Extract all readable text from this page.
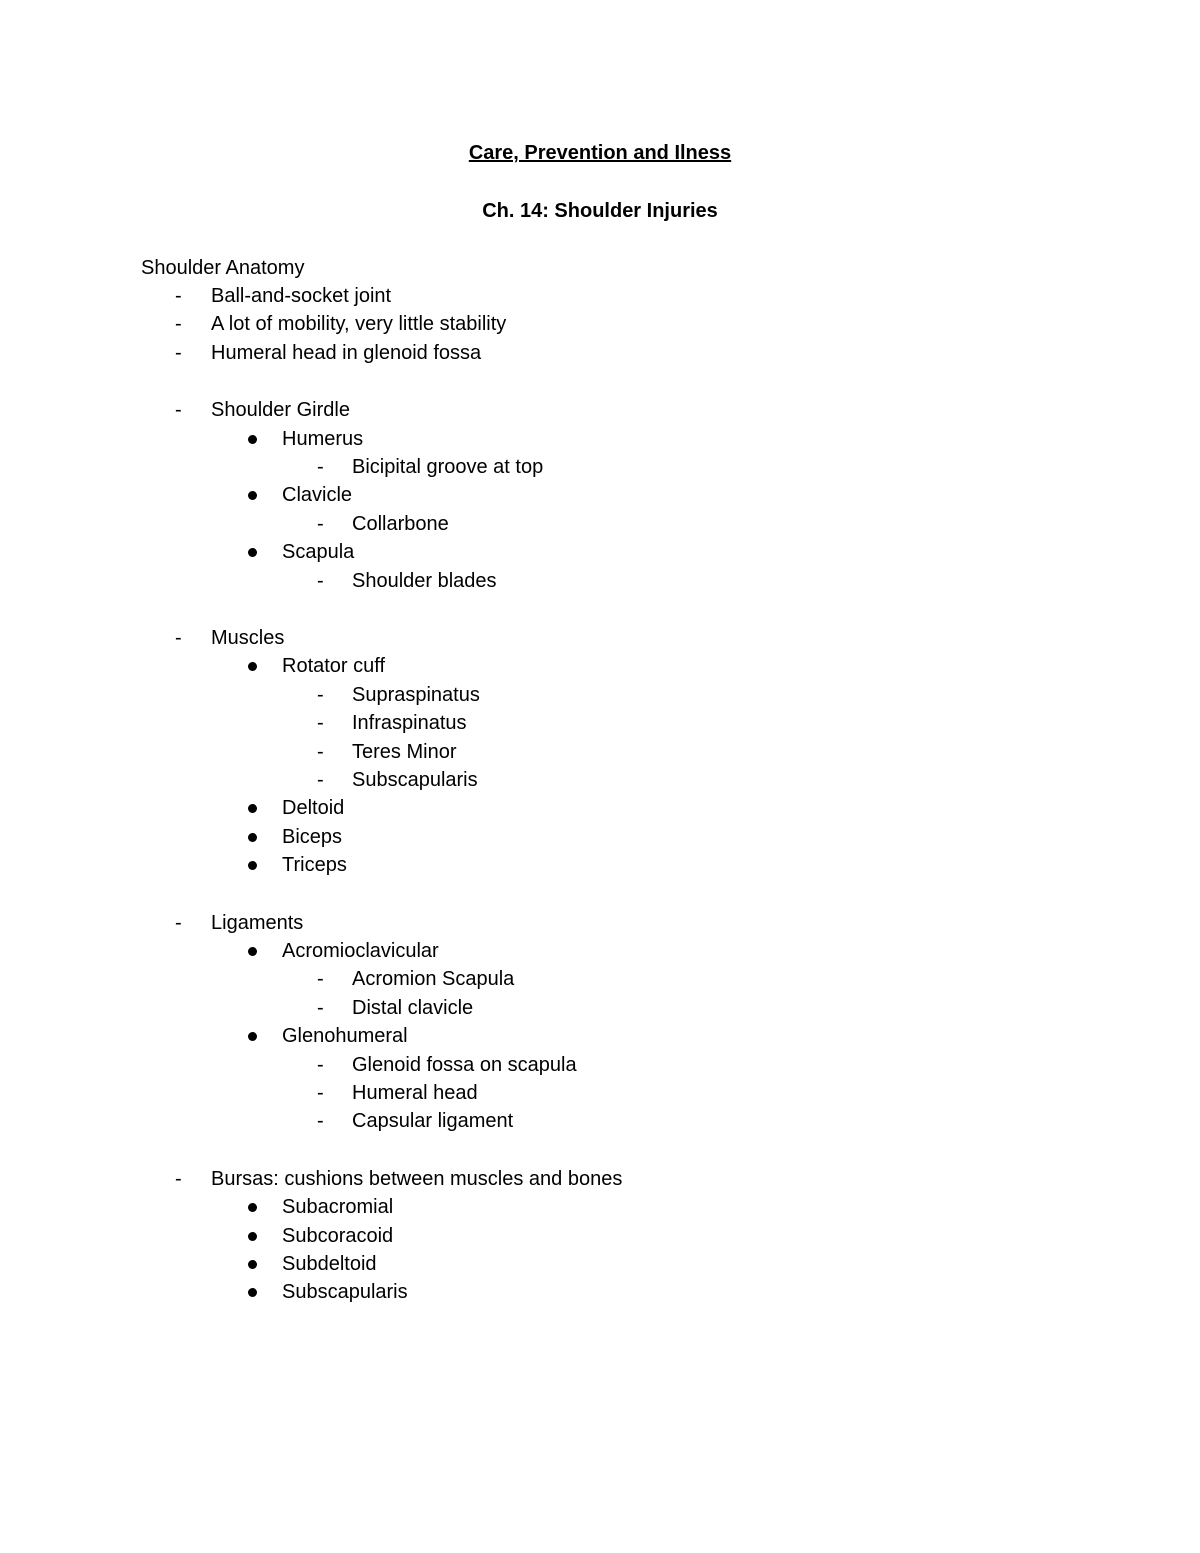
Care, Prevention and Ilness
Ch. 14: Shoulder Injuries
Shoulder Anatomy
- Ball-and-socket joint
- A lot of mobility, very little stability
- Humeral head in glenoid fossa
- Shoulder Girdle
Humerus
- Bicipital groove at top
Clavicle
- Collarbone
Scapula
- Shoulder blades
- Muscles
Rotator cuff
- Supraspinatus
- Infraspinatus
- Teres Minor
- Subscapularis
Deltoid
Biceps
Triceps
- Ligaments
Acromioclavicular
- Acromion Scapula
- Distal clavicle
Glenohumeral
- Glenoid fossa on scapula
- Humeral head
- Capsular ligament
- Bursas: cushions between muscles and bones
Subacromial
Subcoracoid
Subdeltoid
Subscapularis
